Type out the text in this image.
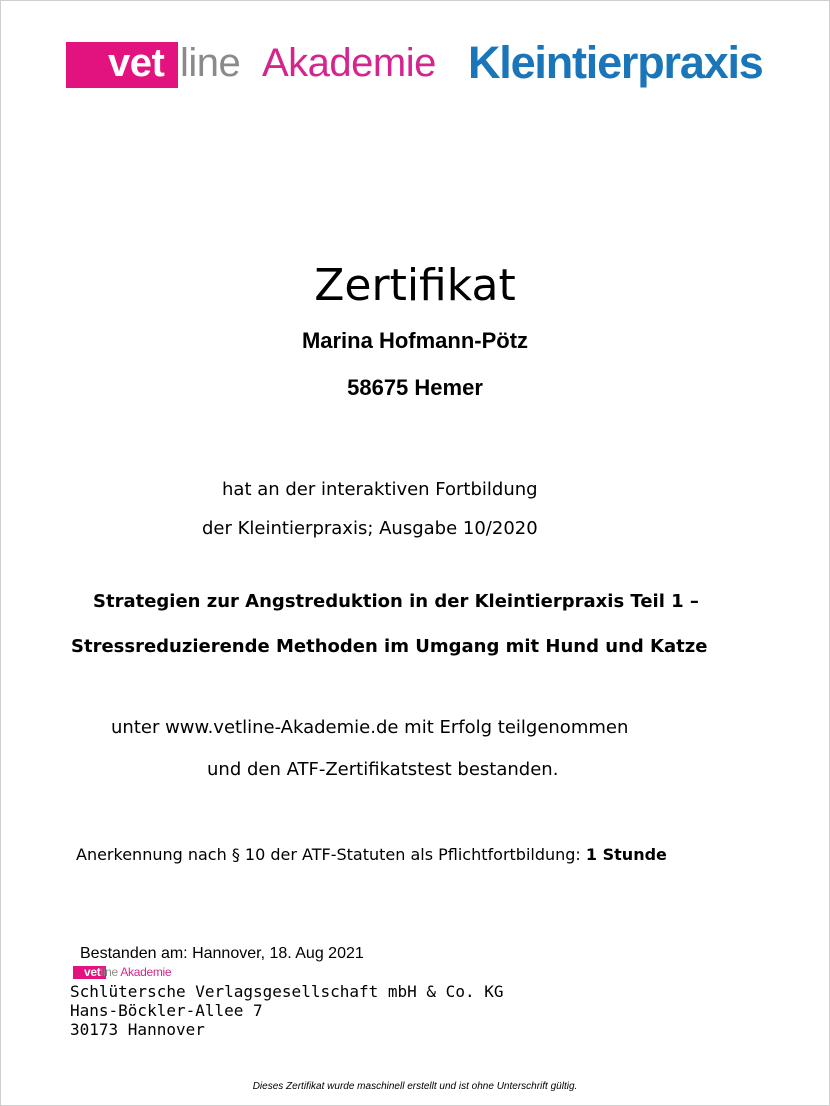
vet line Akademie Kleintierpraxis
Zertifikat
Marina Hofmann-Pötz
58675 Hemer
hat an der interaktiven Fortbildung
der Kleintierpraxis; Ausgabe 10/2020
Strategien zur Angstreduktion in der Kleintierpraxis Teil 1 –
Stressreduzierende Methoden im Umgang mit Hund und Katze
unter www.vetline-Akademie.de mit Erfolg teilgenommen
und den ATF-Zertifikatstest bestanden.
Anerkennung nach § 10 der ATF-Statuten als Pflichtfortbildung: 1 Stunde
Bestanden am: Hannover, 18. Aug 2021
vetline Akademie
Schlütersche Verlagsgesellschaft mbH & Co. KG
Hans-Böckler-Allee 7
30173 Hannover
Dieses Zertifikat wurde maschinell erstellt und ist ohne Unterschrift gültig.
